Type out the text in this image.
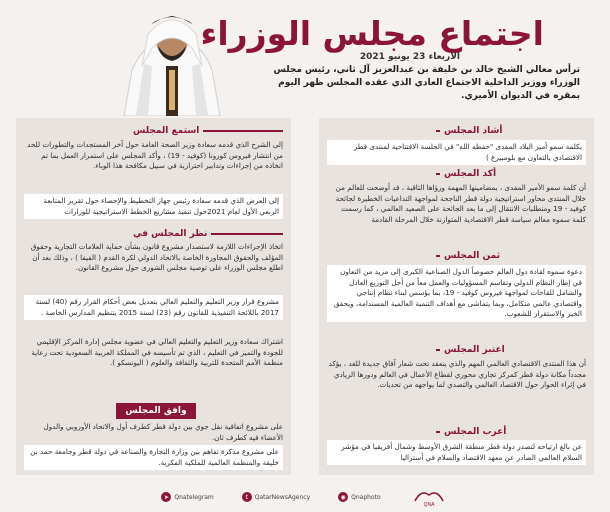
اجتماع مجلس الوزراء
الاربعاء 23 يونيو 2021
ترأس معالي الشيخ خالد بن خليفة بن عبدالعزيز آل ثاني، رئيس مجلس الوزراء ووزير الداخلية الاجتماع العادي الذي عقده المجلس ظهر اليوم بمقره في الديوان الأميري.
أشاد المجلس
بكلمة سمو أمير البلاد المفدى "حفظه الله" في الجلسة الافتتاحية لمنتدى قطر الاقتصادي بالتعاون مع بلومبيرغ )
أكد المجلس
أن كلمة سمو الأمير المفدى ، بمضامينها المهمة ورؤاها الثاقبة ، قد أوضحت للعالم من خلال المنتدى محاور استراتيجية دولة قطر الناجحة لمواجهة التداعيات الخطيرة لجائحة كوفيد - 19 ومتطلبات الانتقال إلى ما بعد الجائحة على الصعيد العالمي ، كما رسمت كلمة سموه معالم سياسة قطر الاقتصادية المتوازنة خلال المرحلة القادمة
ثمن المجلس
دعوة سموه لقادة دول العالم خصوصاً الدول الصناعية الكبرى إلى مزيد من التعاون في إطار النظام الدولي وتقاسم المسؤوليات والعمل معاً من أجل التوزيع العادل والشامل للقاحات لمواجهة فيروس كوفيد - 19، بما يؤسس لبناء نظام إنتاجي واقتصادي عالمي متكامل، وبما يتماشى مع أهداف التنمية العالمية المستدامة، ويحقق الخير والاستقرار للشعوب.
اعتبر المجلس
أن هذا المنتدى الاقتصادي العالمي المهم والذي ينعقد تحت شعار آفاق جديدة للغد ، يؤكد مجدداً مكانة دولة قطر كمركز تجاري محوري لقطاع الأعمال في العالم ودورها الريادي في إثراء الحوار حول الاقتصاد العالمي والتصدي لما يواجهه من تحديات.
أعرب المجلس
عن بالغ ارتياحه لتصدر دولة قطر منطقة الشرق الأوسط وشمال أفريقيا في مؤشر السلام العالمي الصادر عن معهد الاقتصاد والسلام في أستراليا
استمع المجلس
إلى الشرح الذي قدمه سعادة وزير الصحة العامة حول آخر المستجدات والتطورات للحد من انتشار فيروس كورونا (كوفيد - 19) ، وأكد المجلس على استمرار العمل بما تم اتخاذه من إجراءات وتدابير احترازية في سبيل مكافحة هذا الوباء.
إلى العرض الذي قدمه سعادة رئيس جهاز التخطيط والإحصاء حول تقرير المتابعة الربعي الأول لعام 2021حول تنفيذ مشاريع الخطط الاستراتيجية للوزارات
نظر المجلس في
اتخاذ الإجراءات اللازمة لاستصدار مشروع قانون بشأن حماية العلامات التجارية وحقوق المؤلف والحقوق المجاورة الخاصة بالاتحاد الدولي لكرة القدم ( الفيفا ) ، وذلك بعد أن اطلع مجلس الوزراء على توصية مجلس الشورى حول مشروع القانون.
مشروع قرار وزير التعليم والتعليم العالي بتعديل بعض أحكام القرار رقم (40) لسنة 2017 باللائحة التنفيذية للقانون رقم (23) لسنة 2015 بتنظيم المدارس الخاصة .
اشتراك سعادة وزير التعليم والتعليم العالي في عضوية مجلس إدارة المركز الإقليمي للجودة والتميز في التعليم ، الذي تم تأسيسه في المملكة العربية السعودية تحت رعاية منظمة الأمم المتحدة للتربية والثقافة والعلوم ( اليونسكو ).
وافق المجلس
على مشروع اتفاقية نقل جوي بين دولة قطر كطرف أول والاتحاد الأوروبي والدول الأعضاء فيه كطرف ثان.
على مشروع مذكرة تفاهم بين وزارة التجارة والصناعة في دولة قطر وجامعة حمد بن خليفة والمنظمة العالمية للملكية الفكرية.
➤ Qnatelegram	t	QatarNewsAgency	◉ Qnaphoto
QNA
